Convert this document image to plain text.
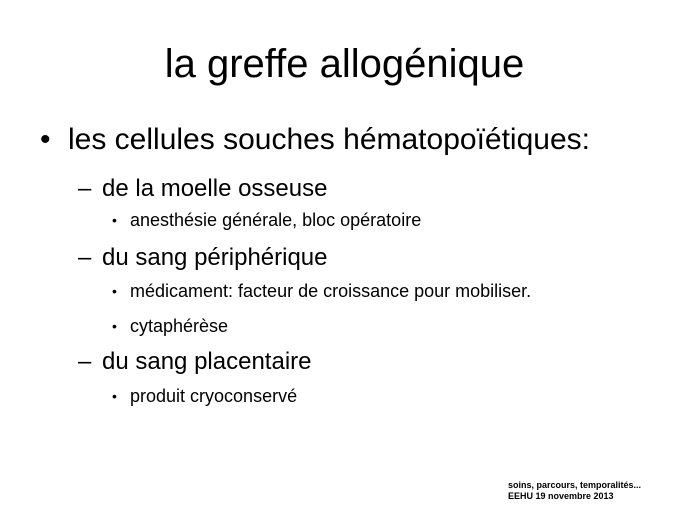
la greffe allogénique
• les cellules souches hématopoïétiques:
– de la moelle osseuse
• anesthésie générale, bloc opératoire
– du sang périphérique
• médicament: facteur de croissance pour mobiliser.
• cytaphérèse
– du sang placentaire
• produit cryoconservé
soins, parcours, temporalités...
EEHU 19 novembre 2013
